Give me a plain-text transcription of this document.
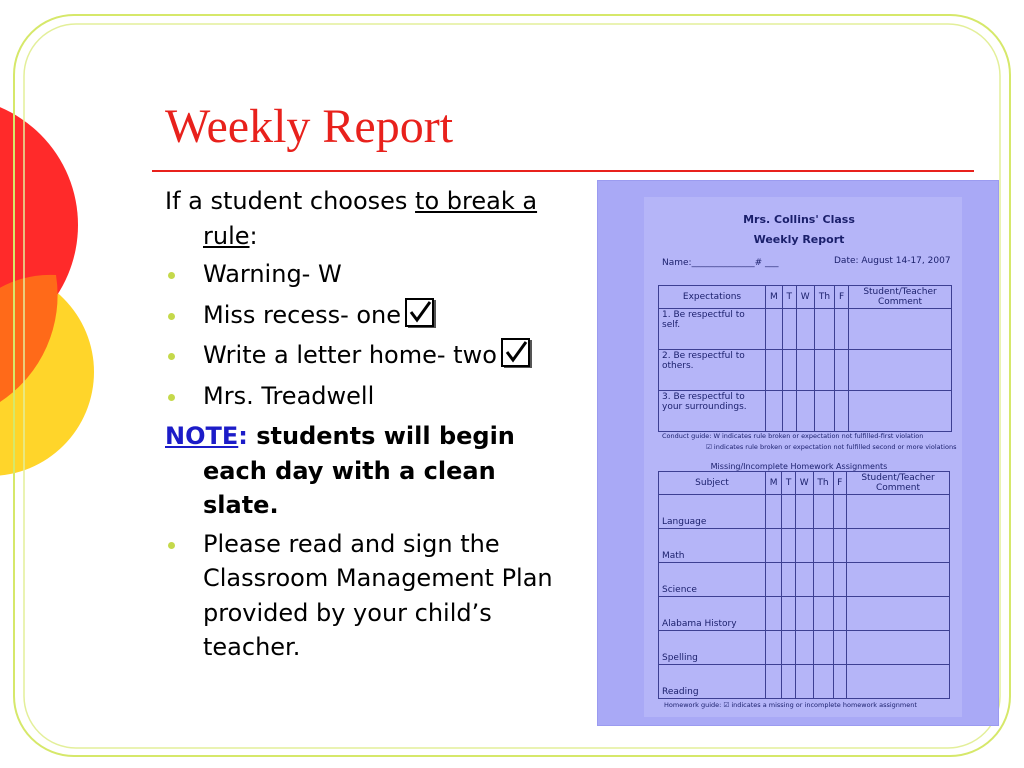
Weekly Report

If a student chooses to break a rule:

Warning- W
Miss recess- one
Write a letter home- two
Mrs. Treadwell

NOTE: students will begin each day with a clean slate.

Please read and sign the Classroom Management Plan provided by your child’s teacher.
Mrs. Collins' Class
Weekly Report
Name:______________# ___	Date: August 14-17, 2007
Expectations	M	T	W	Th	F	Student/Teacher Comment
1. Be respectful to self.						
2. Be respectful to others.						
3. Be respectful to your surroundings.						
Conduct guide: W indicates rule broken or expectation not fulfilled-first violation
☑ indicates rule broken or expectation not fulfilled second or more violations
Missing/Incomplete Homework Assignments
Subject	M	T	W	Th	F	Student/Teacher Comment
Language						
Math						
Science						
Alabama History						
Spelling						
Reading						
Homework guide: ☑ indicates a missing or incomplete homework assignment
